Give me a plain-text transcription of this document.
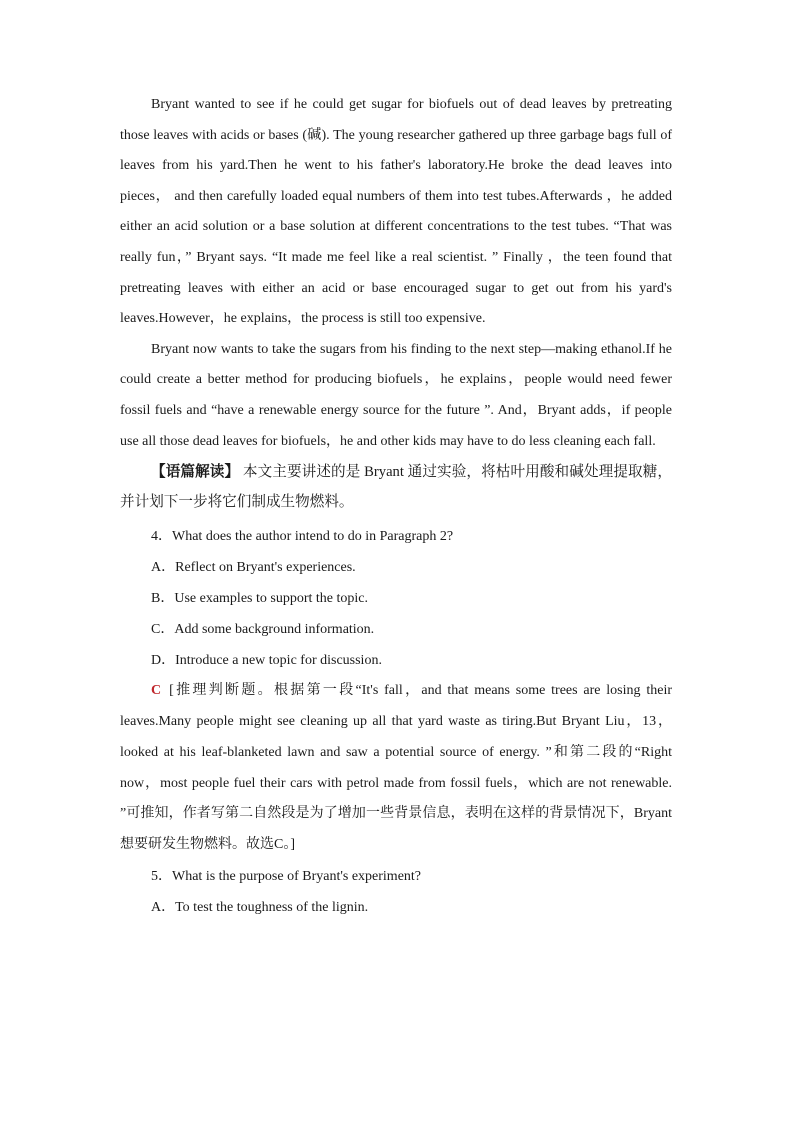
Bryant wanted to see if he could get sugar for biofuels out of dead leaves by pretreating those leaves with acids or bases (碱). The young researcher gathered up three garbage bags full of leaves from his yard.Then he went to his father's laboratory.He broke the dead leaves into pieces， and then carefully loaded equal numbers of them into test tubes.Afterwards ，he added either an acid solution or a base solution at different concentrations to the test tubes. “That was really fun，” Bryant says. “It made me feel like a real scientist. ” Finally ，the teen found that pretreating leaves with either an acid or base encouraged sugar to get out from his yard's leaves.However，he explains，the process is still too expensive.

Bryant now wants to take the sugars from his finding to the next step—making ethanol.If he could create a better method for producing biofuels，he explains，people would need fewer fossil fuels and “have a renewable energy source for the future ”. And，Bryant adds，if people use all those dead leaves for biofuels，he and other kids may have to do less cleaning each fall.

【语篇解读】 本文主要讲述的是 Bryant 通过实验，将枯叶用酸和碱处理提取糖，并计划下一步将它们制成生物燃料。

4．What does the author intend to do in Paragraph 2?

A．Reflect on Bryant's experiences.

B．Use examples to support the topic.

C．Add some background information.

D．Introduce a new topic for discussion.

C [推理判断题。根据第一段“It's fall，and that means some trees are losing their leaves.Many people might see cleaning up all that yard waste as tiring.But Bryant Liu，13，looked at his leaf-blanketed lawn and saw a potential source of energy. ”和第二段的“Right now，most people fuel their cars with petrol made from fossil fuels，which are not renewable. ”可推知，作者写第二自然段是为了增加一些背景信息，表明在这样的背景情况下，Bryant 想要研发生物燃料。故选C。]

5．What is the purpose of Bryant's experiment?

A．To test the toughness of the lignin.
